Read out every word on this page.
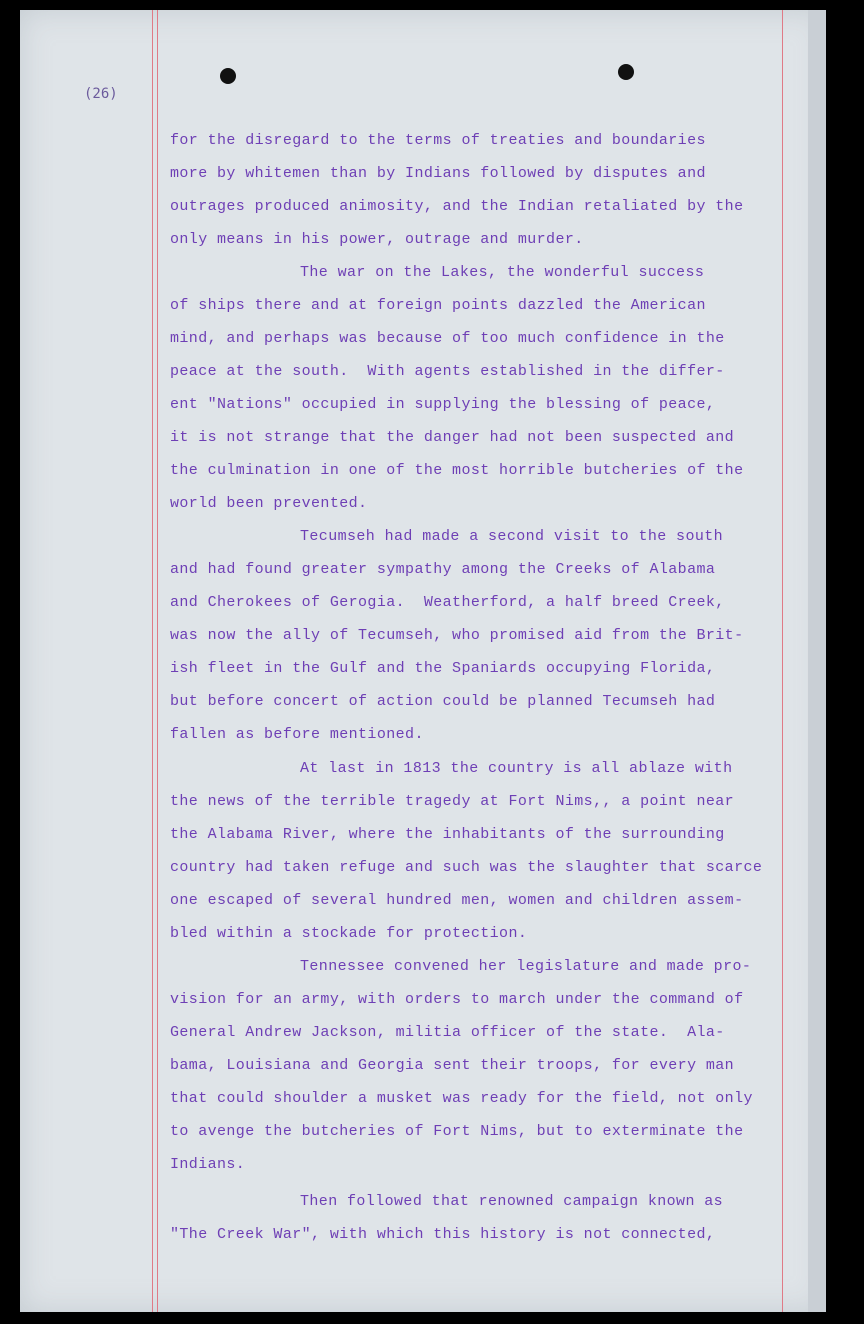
(26)
for the disregard to the terms of treaties and boundaries
more by whitemen than by Indians followed by disputes and
outrages produced animosity, and the Indian retaliated by the
only means in his power, outrage and murder.
The war on the Lakes, the wonderful success
of ships there and at foreign points dazzled the American
mind, and perhaps was because of too much confidence in the
peace at the south.  With agents established in the differ-
ent "Nations" occupied in supplying the blessing of peace,
it is not strange that the danger had not been suspected and
the culmination in one of the most horrible butcheries of the
world been prevented.
Tecumseh had made a second visit to the south
and had found greater sympathy among the Creeks of Alabama
and Cherokees of Gerogia.  Weatherford, a half breed Creek,
was now the ally of Tecumseh, who promised aid from the Brit-
ish fleet in the Gulf and the Spaniards occupying Florida,
but before concert of action could be planned Tecumseh had
fallen as before mentioned.
At last in 1813 the country is all ablaze with
the news of the terrible tragedy at Fort Nims,, a point near
the Alabama River, where the inhabitants of the surrounding
country had taken refuge and such was the slaughter that scarce
one escaped of several hundred men, women and children assem-
bled within a stockade for protection.
Tennessee convened her legislature and made pro-
vision for an army, with orders to march under the command of
General Andrew Jackson, militia officer of the state.  Ala-
bama, Louisiana and Georgia sent their troops, for every man
that could shoulder a musket was ready for the field, not only
to avenge the butcheries of Fort Nims, but to exterminate the
Indians.
Then followed that renowned campaign known as
"The Creek War", with which this history is not connected,
